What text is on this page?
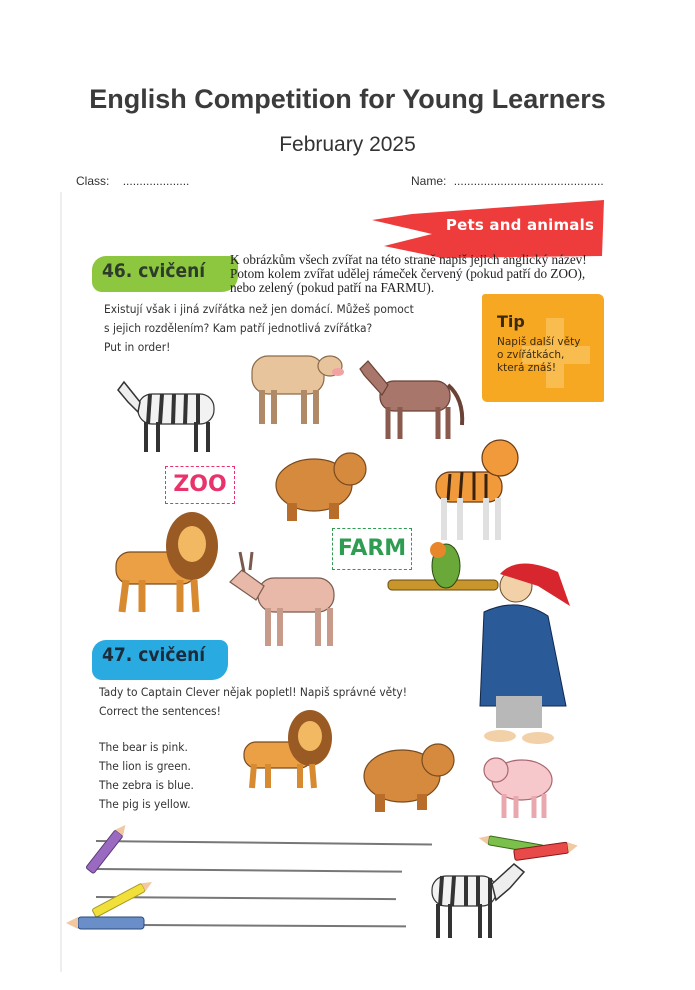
English Competition for Young Learners
February 2025
Class: ....................	Name: .............................................
Pets and animals
46. cvičení
K obrázkům všech zvířat na této straně napiš jejich anglický název!
Potom kolem zvířat udělej rámeček červený (pokud patří do ZOO),
nebo zelený (pokud patří na FARMU).
Existují však i jiná zvířátka než jen domácí. Můžeš pomoct
s jejich rozdělením? Kam patří jednotlivá zvířátka?
Put in order!
Tip
Napiš další věty
o zvířátkách,
která znáš!
ZOO
FARM
47. cvičení
Tady to Captain Clever nějak popletl! Napiš správné věty!
Correct the sentences!
The bear is pink.
The lion is green.
The zebra is blue.
The pig is yellow.
